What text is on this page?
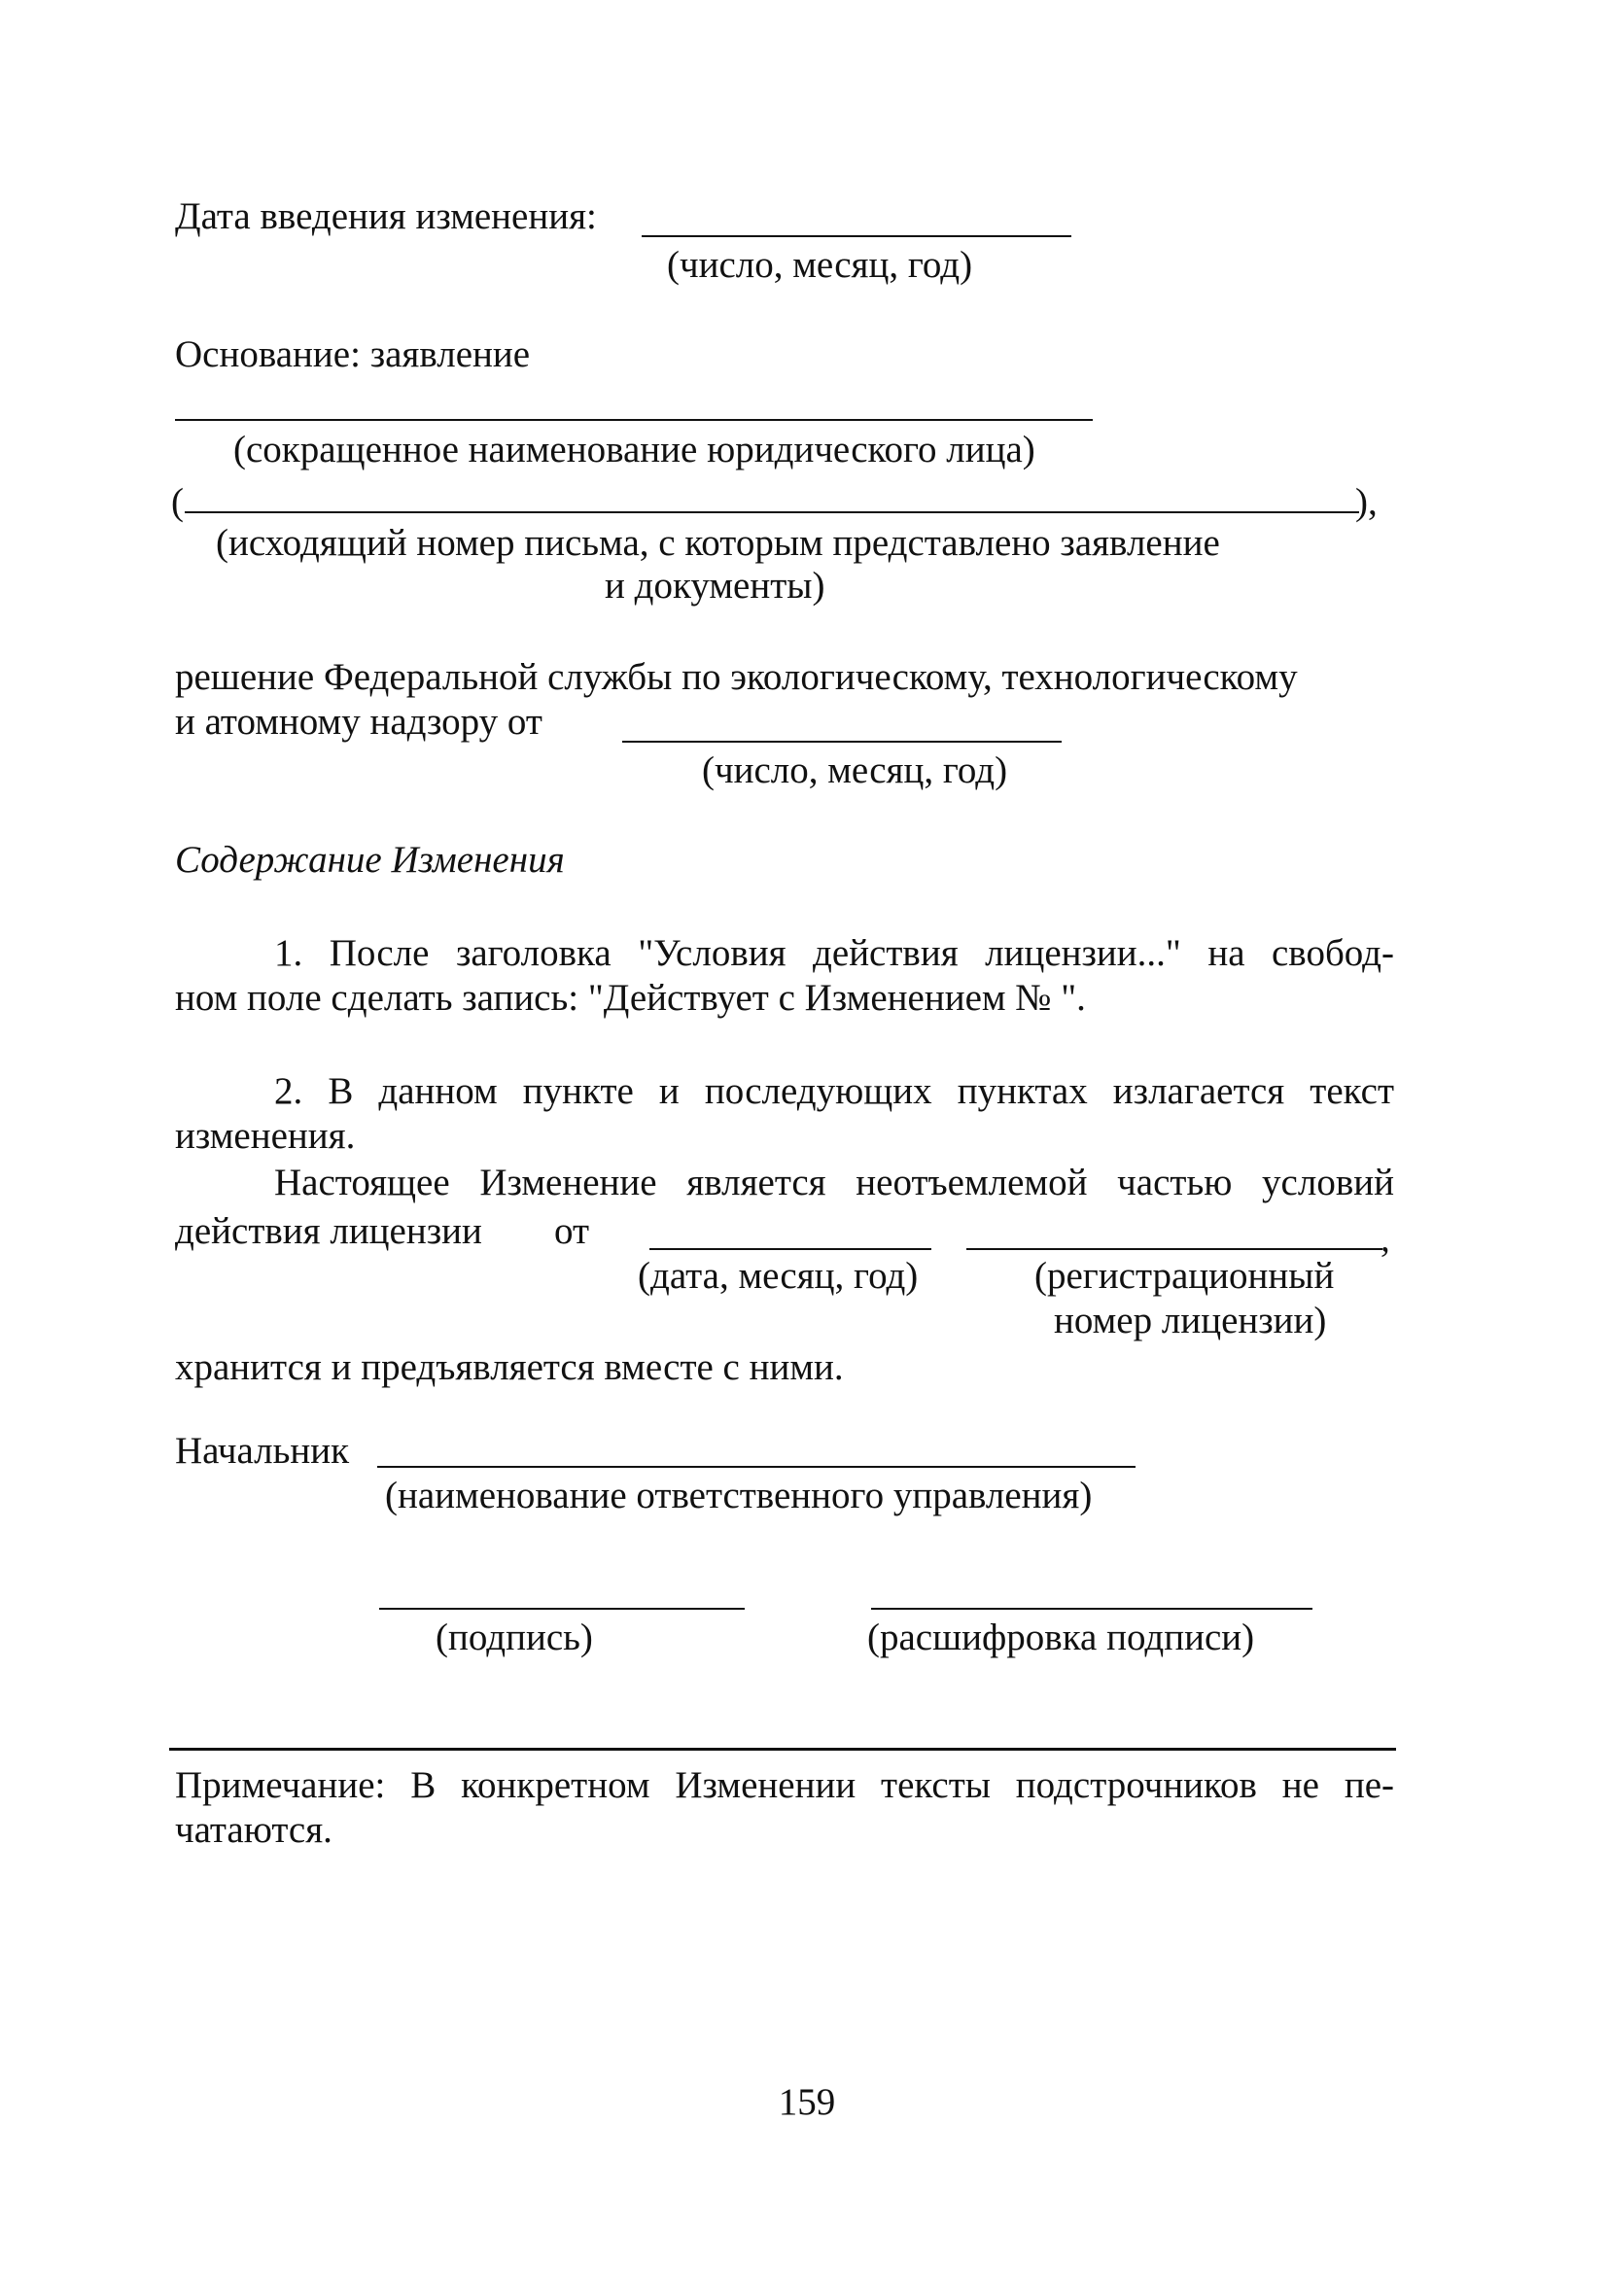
Дата введения изменения:
(число, месяц, год)
Основание: заявление
(сокращенное наименование юридического лица)
(	),
(исходящий номер письма, с которым представлено заявление
и документы)
решение Федеральной службы по экологическому, технологическому
и атомному надзору от
(число, месяц, год)
Содержание Изменения
1. После заголовка "Условия действия лицензии..." на свобод-
ном поле сделать запись: "Действует с Изменением № ".
2. В данном пункте и последующих пунктах излагается текст
изменения.
Настоящее Изменение является неотъемлемой частью условий
действия лицензии от	,
(дата, месяц, год)	(регистрационный
номер лицензии)
хранится и предъявляется вместе с ними.
Начальник
(наименование ответственного управления)
(подпись)	(расшифровка подписи)
Примечание: В конкретном Изменении тексты подстрочников не пе-
чатаются.
159
